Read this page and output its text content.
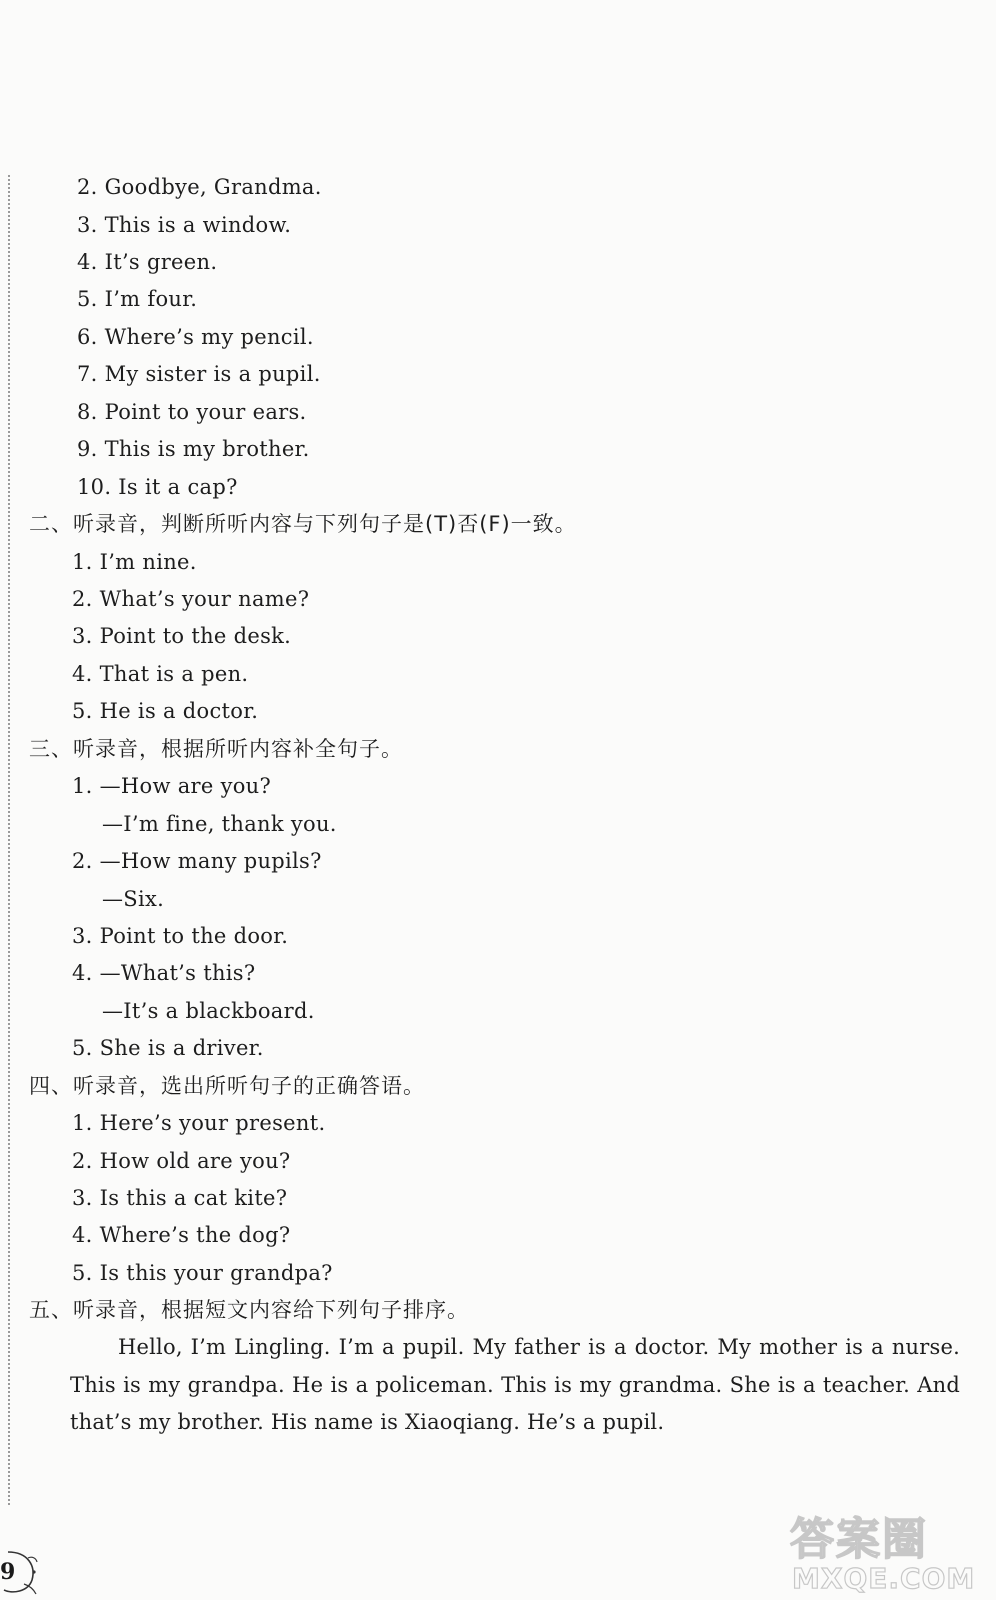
2. Goodbye, Grandma.
3. This is a window.
4. It’s green.
5. I’m four.
6. Where’s my pencil.
7. My sister is a pupil.
8. Point to your ears.
9. This is my brother.
10. Is it a cap?
二、听录音，判断所听内容与下列句子是(T)否(F)一致。
1. I’m nine.
2. What’s your name?
3. Point to the desk.
4. That is a pen.
5. He is a doctor.
三、听录音，根据所听内容补全句子。
1. —How are you?
—I’m fine, thank you.
2. —How many pupils?
—Six.
3. Point to the door.
4. —What’s this?
—It’s a blackboard.
5. She is a driver.
四、听录音，选出所听句子的正确答语。
1. Here’s your present.
2. How old are you?
3. Is this a cat kite?
4. Where’s the dog?
5. Is this your grandpa?
五、听录音，根据短文内容给下列句子排序。
Hello, I’m Lingling. I’m a pupil. My father is a doctor. My mother is a nurse. This is my grandpa. He is a policeman. This is my grandma. She is a teacher. And that’s my brother. His name is Xiaoqiang. He’s a pupil.
9
答案圈
MXQE.COM
